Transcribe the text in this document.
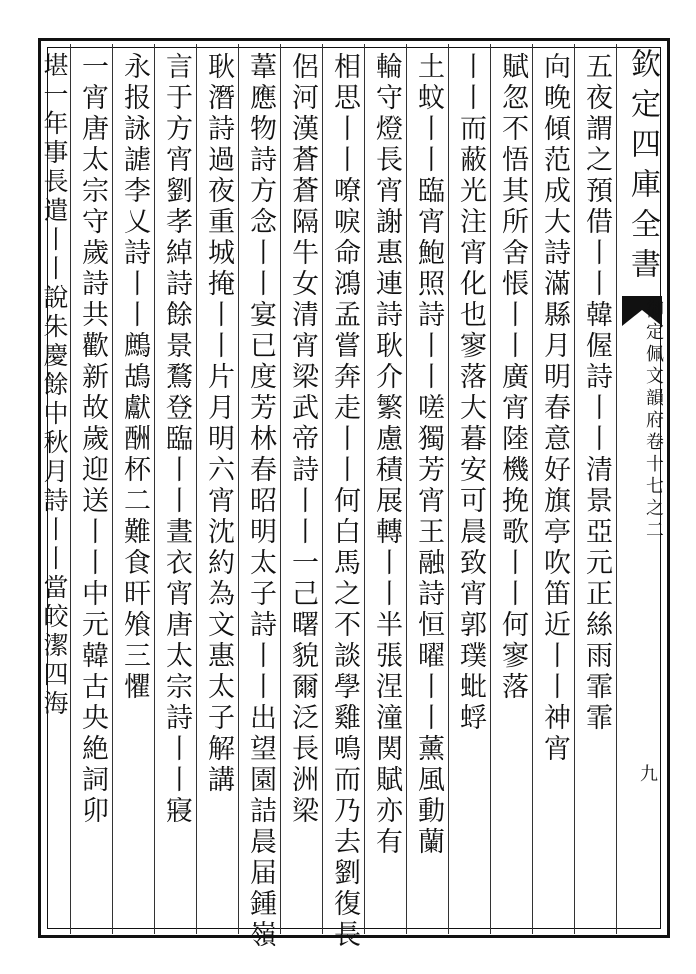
欽定四庫全書
御定佩文韻府卷十七之二
九
五夜謂之預借丨丨韓偓詩丨丨清景亞元正絲雨霏霏
向晚傾范成大詩滿縣月明春意好旗亭吹笛近丨丨神宵
賦忽不悟其所舍悵丨丨廣宵陸機挽歌丨丨何寥落
丨丨而蔽光注宵化也寥落大暮安可晨致宵郭璞蚍蜉
土蚊丨丨臨宵鮑照詩丨丨嗟獨芳宵王融詩恒曜丨丨薰風動蘭
輪守燈長宵謝惠連詩耿介繁慮積展轉丨丨半張涅潼関賦亦有
相思丨丨嘹唳命鴻孟嘗奔走丨丨何白馬之不談學雞鳴而乃去劉復長
侶河漢蒼蒼隔牛女清宵梁武帝詩丨丨一己曙貌爾泛長洲梁
葦應物詩方念丨丨宴已度芳林春昭明太子詩丨丨出望園詰晨届鍾嶺
耿潛詩過夜重城掩丨丨片月明六宵沈約為文惠太子解講
言于方宵劉孝綽詩餘景鶩登臨丨丨晝衣宵唐太宗詩丨丨寢
永报詠謔李乂詩丨丨鷓鴣獻酬杯二難食旰飧三懼
一宵唐太宗守歲詩共歡新故歲迎送丨丨中元韓古央絶詞卯
堪一年事長遣丨丨說朱慶餘中秋月詩丨丨當皎潔四海
